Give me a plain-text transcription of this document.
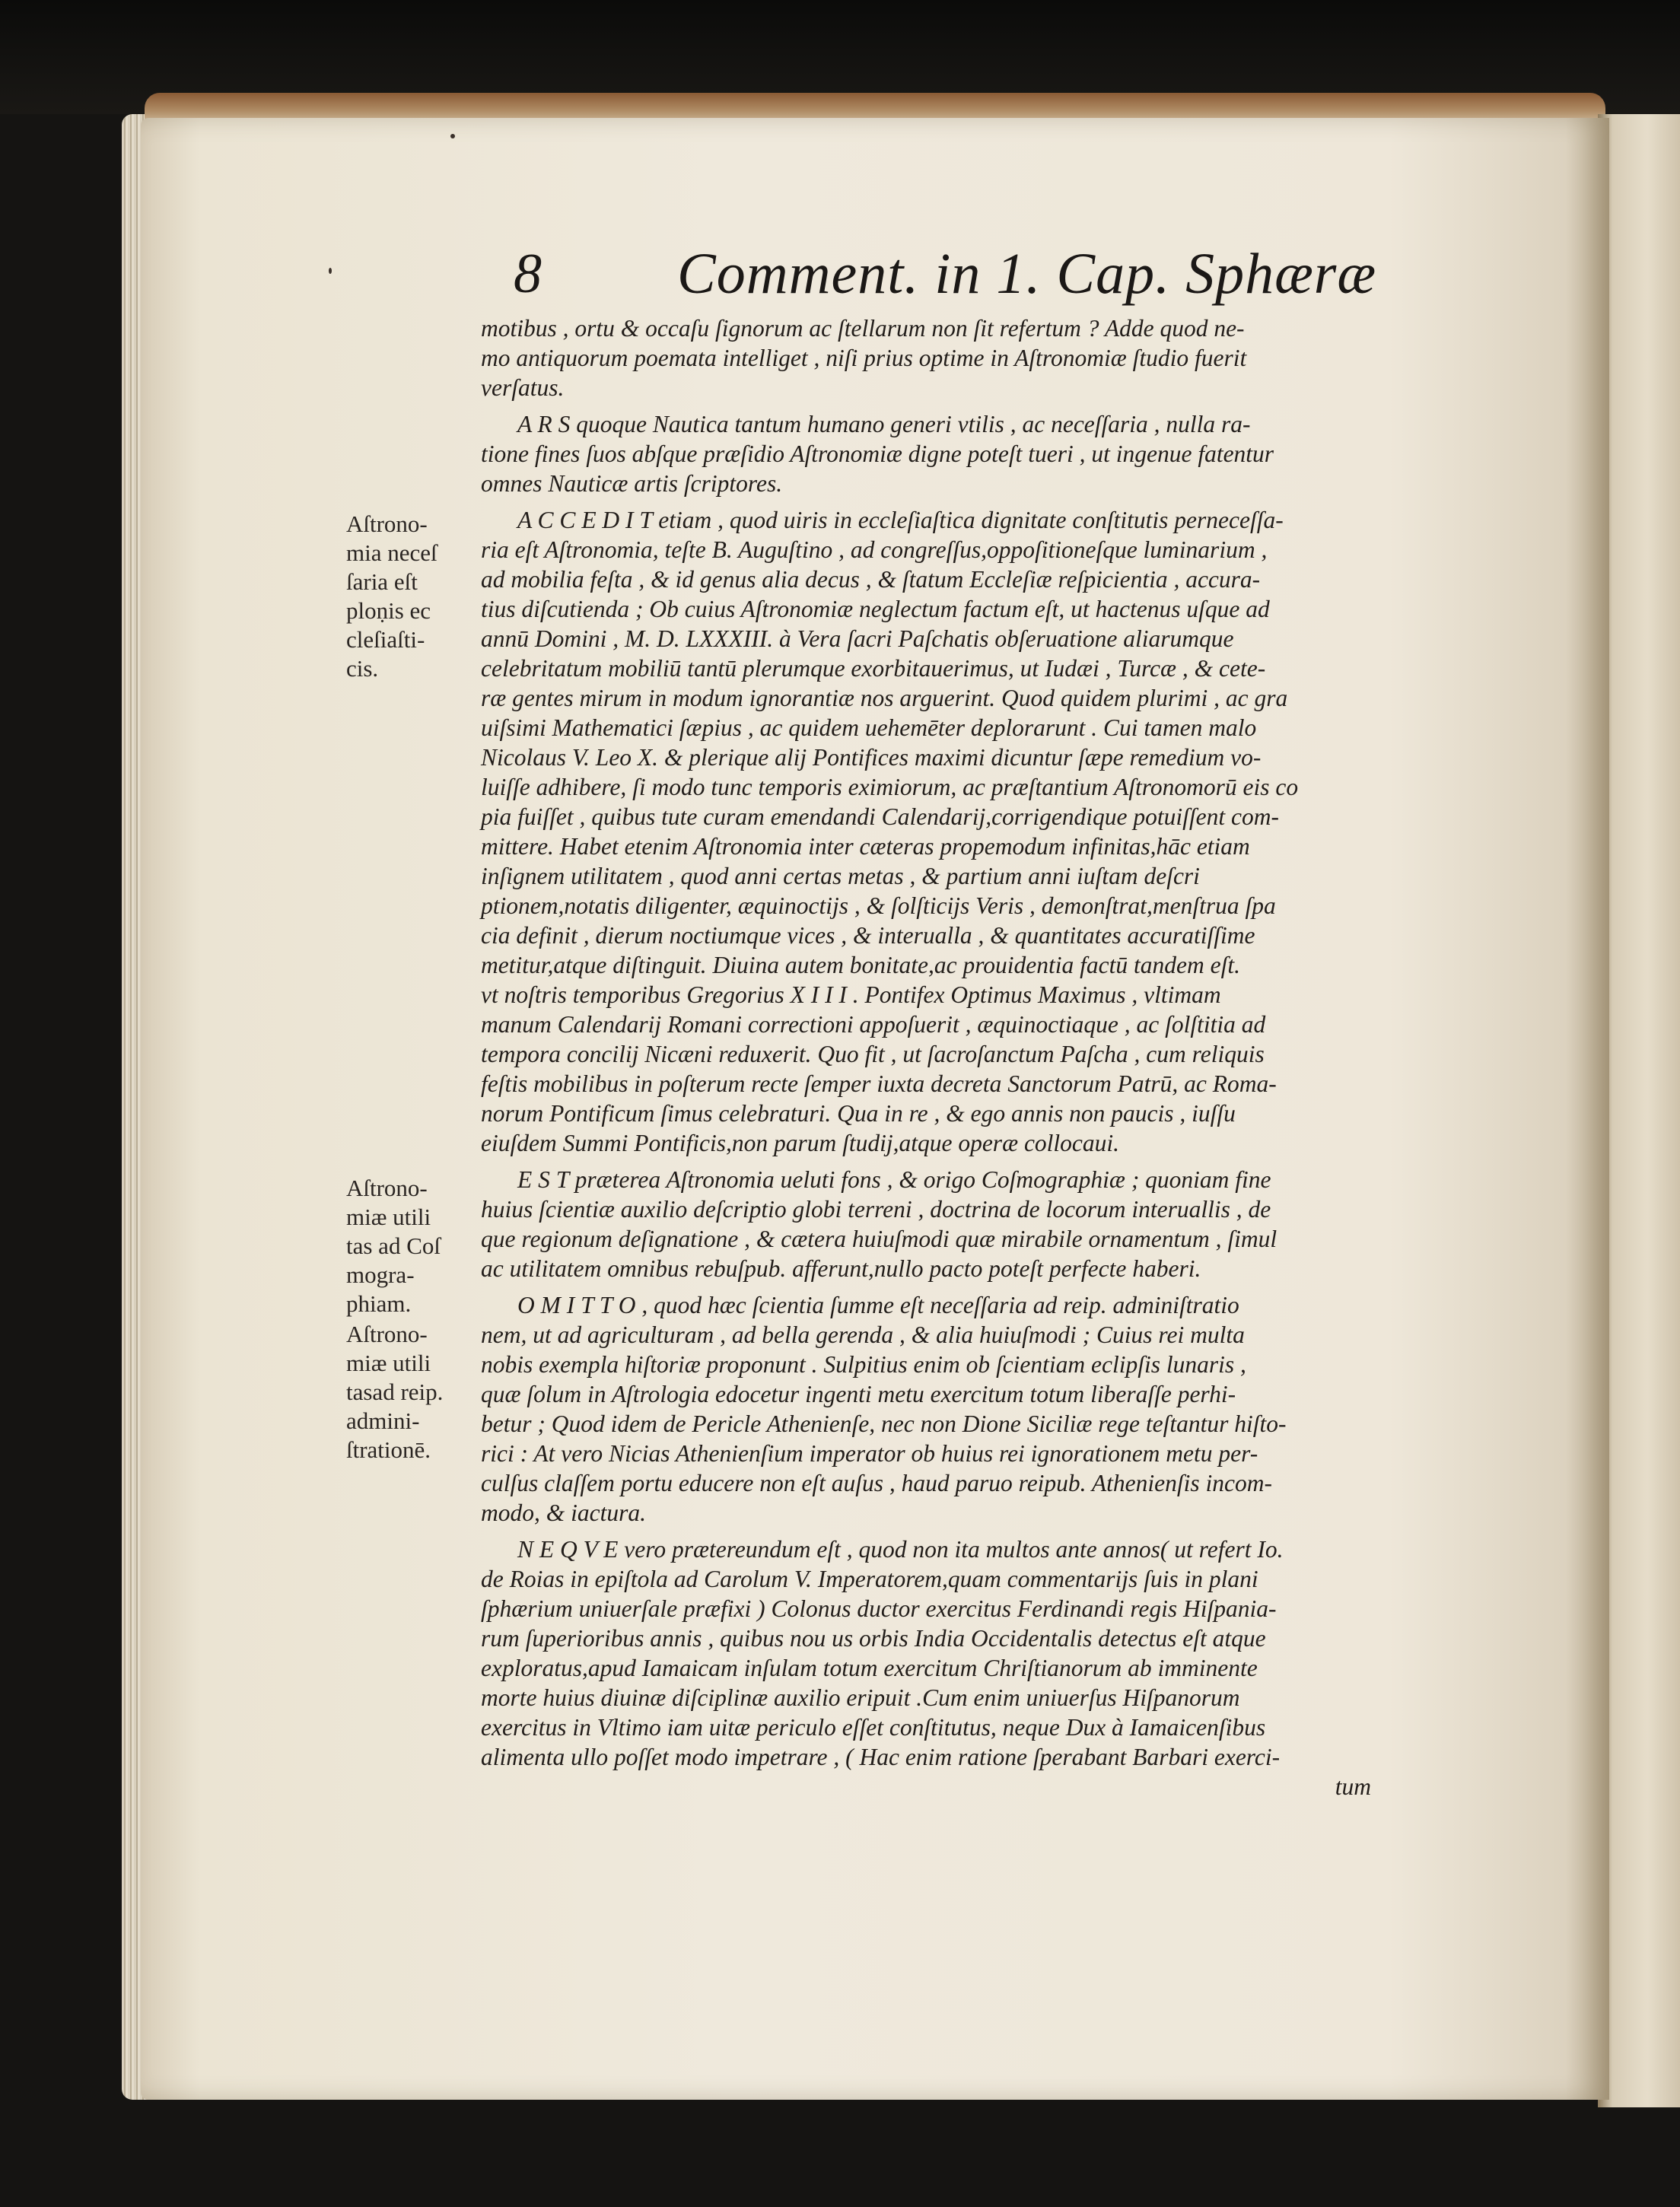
8 Comment. in 1. Cap. Sphæræ
Aſtrono-
mia neceſ
ſaria eſt
ploṇis ec
cleſiaſti-
cis.
Aſtrono-
miæ utili
tas ad Coſ
mogra-
phiam.
Aſtrono-
miæ utili
tasad reip.
admini-
ſtrationē.
motibus , ortu & occaſu ſignorum ac ſtellarum non ſit refertum ? Adde quod ne-
mo antiquorum poemata intelliget , niſi prius optime in Aſtronomiæ ſtudio fuerit
verſatus.
A R S quoque Nautica tantum humano generi vtilis , ac neceſſaria , nulla ra-
tione fines ſuos abſque præſidio Aſtronomiæ digne poteſt tueri , ut ingenue fatentur
omnes Nauticæ artis ſcriptores.
A C C E D I T etiam , quod uiris in eccleſiaſtica dignitate conſtitutis perneceſſa-
ria eſt Aſtronomia, teſte B. Auguſtino , ad congreſſus,oppoſitioneſque luminarium ,
ad mobilia feſta , & id genus alia decus , & ſtatum Eccleſiæ reſpicientia , accura-
tius diſcutienda ; Ob cuius Aſtronomiæ neglectum factum eſt, ut hactenus uſque ad
annū Domini , M. D. LXXXIII. à Vera ſacri Paſchatis obſeruatione aliarumque
celebritatum mobiliū tantū plerumque exorbitauerimus, ut Iudæi , Turcæ , & cete-
ræ gentes mirum in modum ignorantiæ nos arguerint. Quod quidem plurimi , ac gra
uiſsimi Mathematici ſæpius , ac quidem uehemēter deplorarunt . Cui tamen malo
Nicolaus V. Leo X. & plerique alij Pontifices maximi dicuntur ſæpe remedium vo-
luiſſe adhibere, ſi modo tunc temporis eximiorum, ac præſtantium Aſtronomorū eis co
pia fuiſſet , quibus tute curam emendandi Calendarij,corrigendique potuiſſent com-
mittere. Habet etenim Aſtronomia inter cæteras propemodum infinitas,hāc etiam
inſignem utilitatem , quod anni certas metas , & partium anni iuſtam deſcri
ptionem,notatis diligenter, æquinoctijs , & ſolſticijs Veris , demonſtrat,menſtrua ſpa
cia definit , dierum noctiumque vices , & interualla , & quantitates accuratiſſime
metitur,atque diſtinguit. Diuina autem bonitate,ac prouidentia factū tandem eſt.
vt noſtris temporibus Gregorius X I I I . Pontifex Optimus Maximus , vltimam
manum Calendarij Romani correctioni appoſuerit , æquinoctiaque , ac ſolſtitia ad
tempora concilij Nicæni reduxerit. Quo fit , ut ſacroſanctum Paſcha , cum reliquis
feſtis mobilibus in poſterum recte ſemper iuxta decreta Sanctorum Patrū, ac Roma-
norum Pontificum ſimus celebraturi. Qua in re , & ego annis non paucis , iuſſu
eiuſdem Summi Pontificis,non parum ſtudij,atque operæ collocaui.
E S T præterea Aſtronomia ueluti fons , & origo Coſmographiæ ; quoniam fine
huius ſcientiæ auxilio deſcriptio globi terreni , doctrina de locorum interuallis , de
que regionum deſignatione , & cætera huiuſmodi quæ mirabile ornamentum , ſimul
ac utilitatem omnibus rebuſpub. afferunt,nullo pacto poteſt perfecte haberi.
O M I T T O , quod hæc ſcientia ſumme eſt neceſſaria ad reip. adminiſtratio
nem, ut ad agriculturam , ad bella gerenda , & alia huiuſmodi ; Cuius rei multa
nobis exempla hiſtoriæ proponunt . Sulpitius enim ob ſcientiam eclipſis lunaris ,
quæ ſolum in Aſtrologia edocetur ingenti metu exercitum totum liberaſſe perhi-
betur ; Quod idem de Pericle Athenienſe, nec non Dione Siciliæ rege teſtantur hiſto-
rici : At vero Nicias Athenienſium imperator ob huius rei ignorationem metu per-
culſus claſſem portu educere non eſt auſus , haud paruo reipub. Athenienſis incom-
modo, & iactura.
N E Q V E vero prætereundum eſt , quod non ita multos ante annos( ut refert Io.
de Roias in epiſtola ad Carolum V. Imperatorem,quam commentarijs ſuis in plani
ſphærium uniuerſale præfixi ) Colonus ductor exercitus Ferdinandi regis Hiſpania-
rum ſuperioribus annis , quibus nou us orbis India Occidentalis detectus eſt atque
exploratus,apud Iamaicam inſulam totum exercitum Chriſtianorum ab imminente
morte huius diuinæ diſciplinæ auxilio eripuit .Cum enim uniuerſus Hiſpanorum
exercitus in Vltimo iam uitæ periculo eſſet conſtitutus, neque Dux à Iamaicenſibus
alimenta ullo poſſet modo impetrare , ( Hac enim ratione ſperabant Barbari exerci-
tum
